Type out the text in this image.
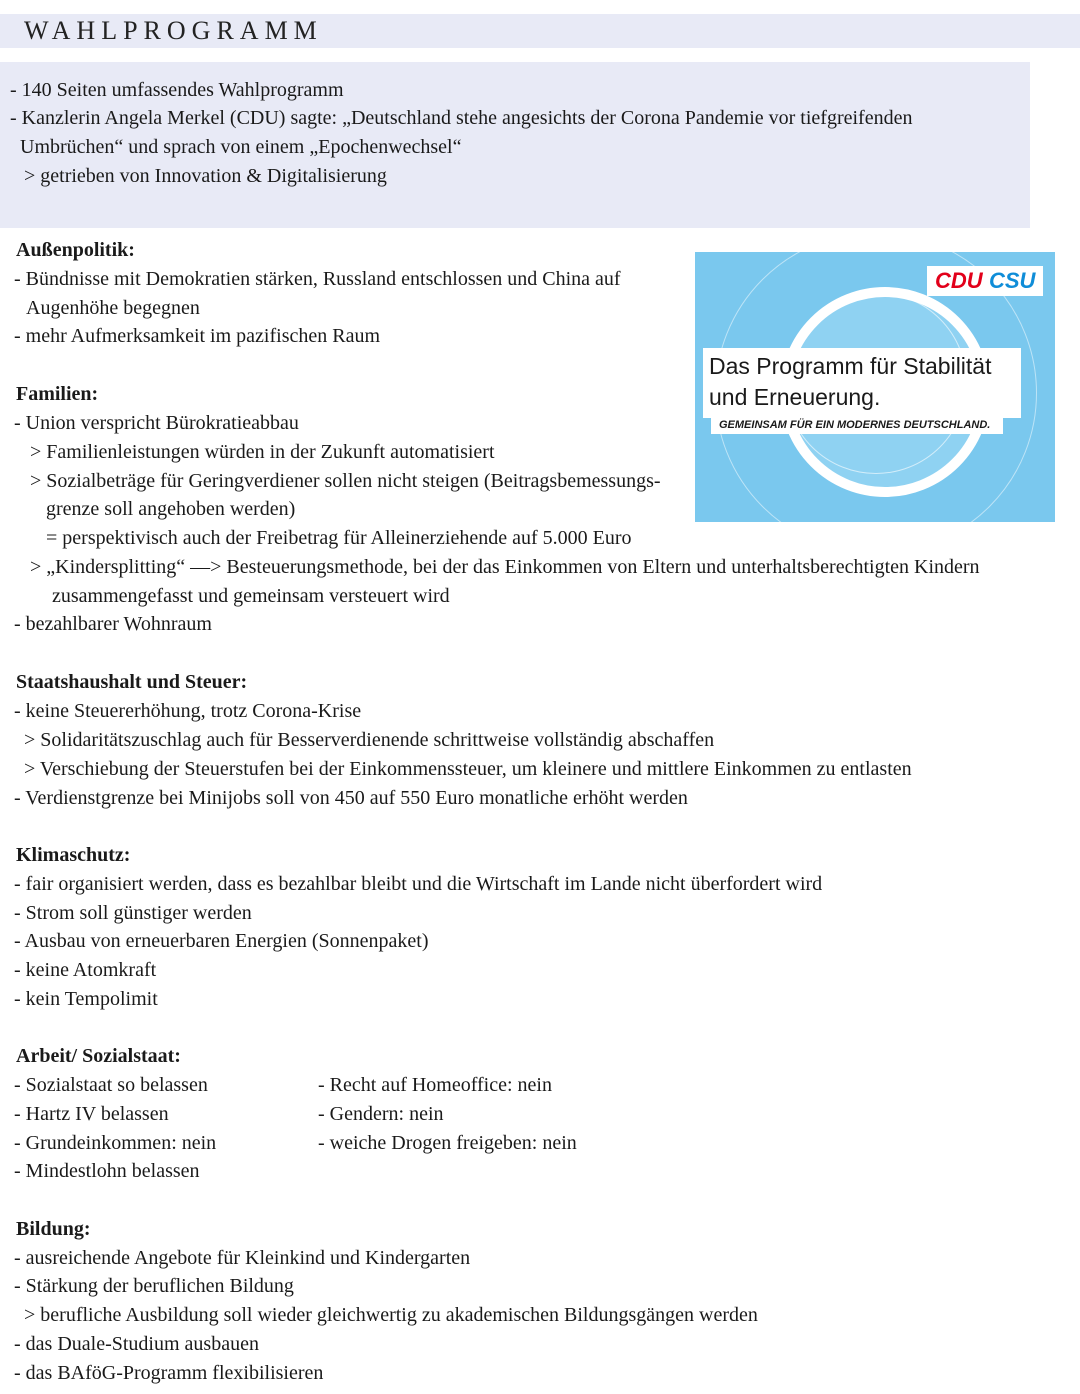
WAHLPROGRAMM
- 140 Seiten umfassendes Wahlprogramm
- Kanzlerin Angela Merkel (CDU) sagte: „Deutschland stehe angesichts der Corona Pandemie vor tiefgreifenden
Umbrüchen“ und sprach von einem „Epochenwechsel“
> getrieben von Innovation & Digitalisierung
CDU CSU
Das Programm für Stabilität
und Erneuerung.
GEMEINSAM FÜR EIN MODERNES DEUTSCHLAND.
Außenpolitik:
- Bündnisse mit Demokratien stärken, Russland entschlossen und China auf
Augenhöhe begegnen
- mehr Aufmerksamkeit im pazifischen Raum
Familien:
- Union verspricht Bürokratieabbau
> Familienleistungen würden in der Zukunft automatisiert
> Sozialbeträge für Geringverdiener sollen nicht steigen (Beitragsbemessungs-
grenze soll angehoben werden)
= perspektivisch auch der Freibetrag für Alleinerziehende auf 5.000 Euro
> „Kindersplitting“ —> Besteuerungsmethode, bei der das Einkommen von Eltern und unterhaltsberechtigten Kindern
zusammengefasst und gemeinsam versteuert wird
- bezahlbarer Wohnraum
Staatshaushalt und Steuer:
- keine Steuererhöhung, trotz Corona-Krise
> Solidaritätszuschlag auch für Besserverdienende schrittweise vollständig abschaffen
> Verschiebung der Steuerstufen bei der Einkommenssteuer, um kleinere und mittlere Einkommen zu entlasten
- Verdienstgrenze bei Minijobs soll von 450 auf 550 Euro monatliche erhöht werden
Klimaschutz:
- fair organisiert werden, dass es bezahlbar bleibt und die Wirtschaft im Lande nicht überfordert wird
- Strom soll günstiger werden
- Ausbau von erneuerbaren Energien (Sonnenpaket)
- keine Atomkraft
- kein Tempolimit
Arbeit/ Sozialstaat:
- Sozialstaat so belassen
- Hartz IV belassen
- Grundeinkommen: nein
- Mindestlohn belassen
- Recht auf Homeoffice: nein
- Gendern: nein
- weiche Drogen freigeben: nein
Bildung:
- ausreichende Angebote für Kleinkind und Kindergarten
- Stärkung der beruflichen Bildung
> berufliche Ausbildung soll wieder gleichwertig zu akademischen Bildungsgängen werden
- das Duale-Studium ausbauen
- das BAföG-Programm flexibilisieren
